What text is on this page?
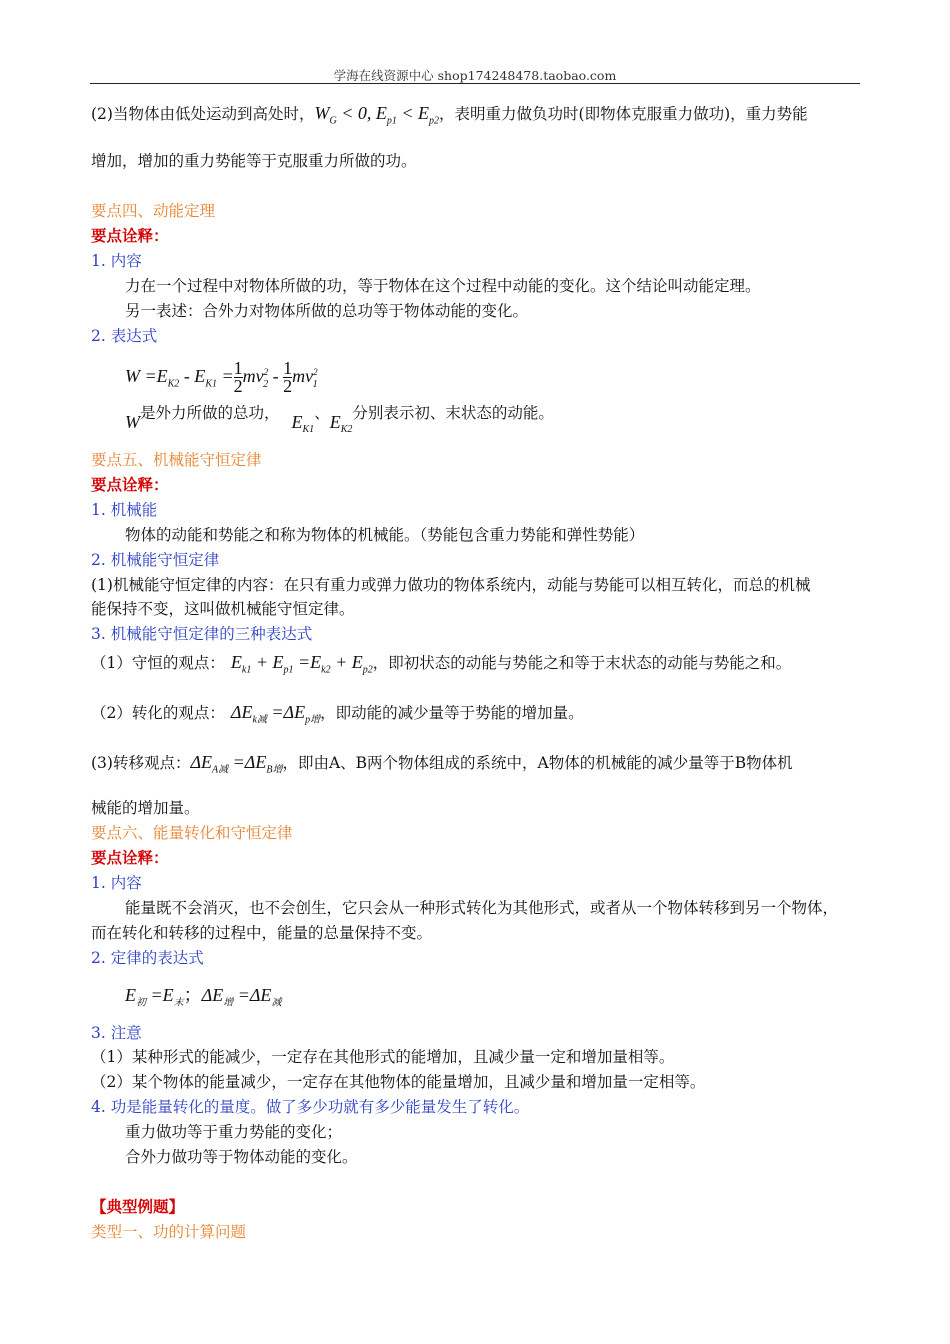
学海在线资源中心 shop174248478.taobao.com
(2)当物体由低处运动到高处时，$W_G < 0$, $E_{p1} < E_{p2}$，表明重力做负功时(即物体克服重力做功)，重力势能
增加，增加的重力势能等于克服重力所做的功。
要点四、动能定理
要点诠释：
1. 内容
力在一个过程中对物体所做的功，等于物体在这个过程中动能的变化。这个结论叫动能定理。
另一表述：合外力对物体所做的总功等于物体动能的变化。
2. 表达式
$W =E_{K2} - E_{K1} = \frac{1}{2} mv^2_2 - \frac{1}{2} mv^2_1$
W是外力所做的总功， $E_{K1}$、$E_{K2}$分别表示初、末状态的动能。
要点五、机械能守恒定律
要点诠释：
1. 机械能
物体的动能和势能之和称为物体的机械能。（势能包含重力势能和弹性势能）
2. 机械能守恒定律
(1)机械能守恒定律的内容：在只有重力或弹力做功的物体系统内，动能与势能可以相互转化，而总的机械
能保持不变，这叫做机械能守恒定律。
3. 机械能守恒定律的三种表达式
（1）守恒的观点： $E_{k1} + E_{p1} =E_{k2} + E_{p2}$，即初状态的动能与势能之和等于末状态的动能与势能之和。
（2）转化的观点： $\Delta E_{k减} =\Delta E_{p增}$，即动能的减少量等于势能的增加量。
(3)转移观点：$\Delta E_{A减} =\Delta E_{B增}$，即由A、B两个物体组成的系统中，A物体的机械能的减少量等于B物体机
械能的增加量。
要点六、能量转化和守恒定律
要点诠释：
1. 内容
能量既不会消灭，也不会创生，它只会从一种形式转化为其他形式，或者从一个物体转移到另一个物体，
而在转化和转移的过程中，能量的总量保持不变。
2. 定律的表达式
$E_初 =E_末$；$\Delta E_增 =\Delta E_减$
3. 注意
（1）某种形式的能减少，一定存在其他形式的能增加，且减少量一定和增加量相等。
（2）某个物体的能量减少，一定存在其他物体的能量增加，且减少量和增加量一定相等。
4. 功是能量转化的量度。做了多少功就有多少能量发生了转化。
重力做功等于重力势能的变化；
合外力做功等于物体动能的变化。
【典型例题】
类型一、功的计算问题
